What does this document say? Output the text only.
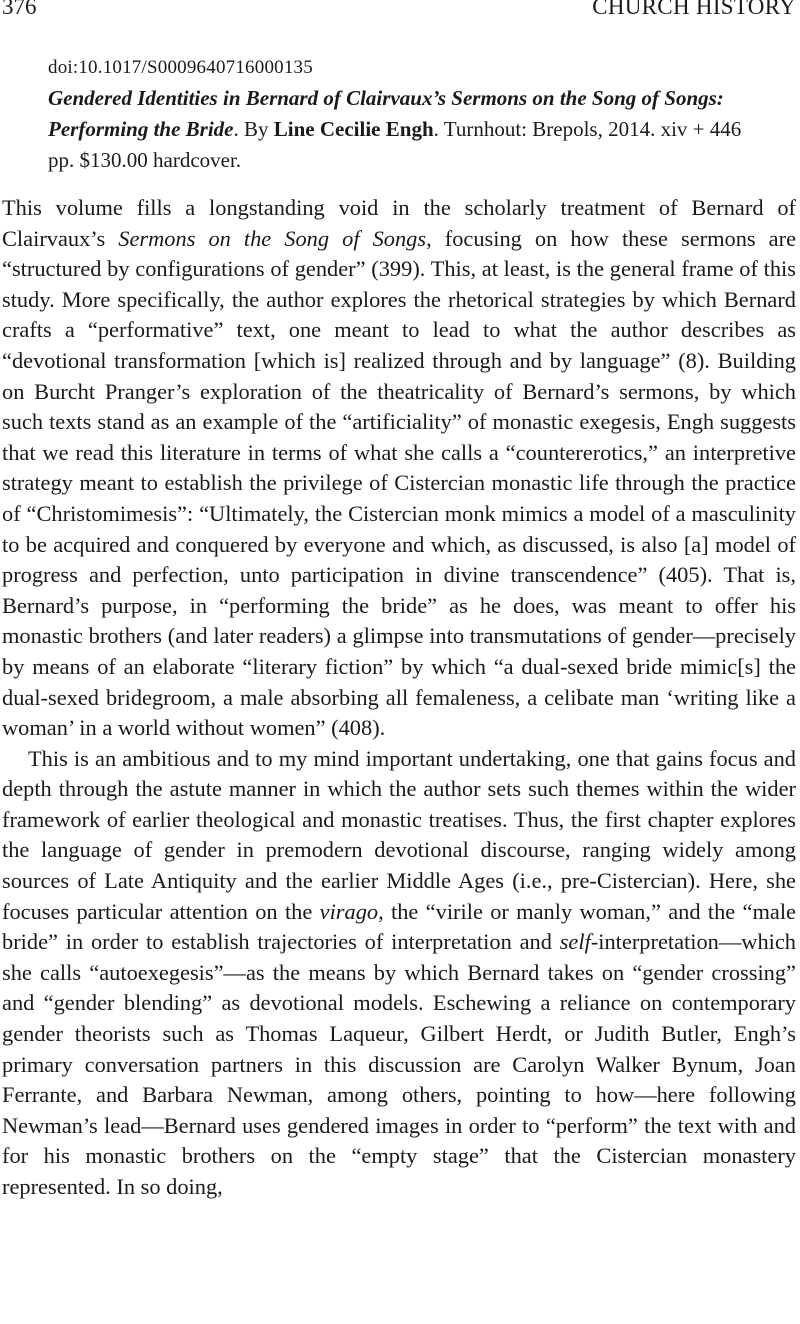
376	CHURCH HISTORY
doi:10.1017/S0009640716000135

Gendered Identities in Bernard of Clairvaux’s Sermons on the Song of Songs: Performing the Bride. By Line Cecilie Engh. Turnhout: Brepols, 2014. xiv + 446 pp. $130.00 hardcover.

This volume fills a longstanding void in the scholarly treatment of Bernard of Clairvaux’s Sermons on the Song of Songs, focusing on how these sermons are “structured by configurations of gender” (399). This, at least, is the general frame of this study. More specifically, the author explores the rhetorical strategies by which Bernard crafts a “performative” text, one meant to lead to what the author describes as “devotional transformation [which is] realized through and by language” (8). Building on Burcht Pranger’s exploration of the theatricality of Bernard’s sermons, by which such texts stand as an example of the “artificiality” of monastic exegesis, Engh suggests that we read this literature in terms of what she calls a “countererotics,” an interpretive strategy meant to establish the privilege of Cistercian monastic life through the practice of “Christomimesis”: “Ultimately, the Cistercian monk mimics a model of a masculinity to be acquired and conquered by everyone and which, as discussed, is also [a] model of progress and perfection, unto participation in divine transcendence” (405). That is, Bernard’s purpose, in “performing the bride” as he does, was meant to offer his monastic brothers (and later readers) a glimpse into transmutations of gender—precisely by means of an elaborate “literary fiction” by which “a dual-sexed bride mimic[s] the dual-sexed bridegroom, a male absorbing all femaleness, a celibate man ‘writing like a woman’ in a world without women” (408).

This is an ambitious and to my mind important undertaking, one that gains focus and depth through the astute manner in which the author sets such themes within the wider framework of earlier theological and monastic treatises. Thus, the first chapter explores the language of gender in premodern devotional discourse, ranging widely among sources of Late Antiquity and the earlier Middle Ages (i.e., pre-Cistercian). Here, she focuses particular attention on the virago, the “virile or manly woman,” and the “male bride” in order to establish trajectories of interpretation and self-interpretation—which she calls “autoexegesis”—as the means by which Bernard takes on “gender crossing” and “gender blending” as devotional models. Eschewing a reliance on contemporary gender theorists such as Thomas Laqueur, Gilbert Herdt, or Judith Butler, Engh’s primary conversation partners in this discussion are Carolyn Walker Bynum, Joan Ferrante, and Barbara Newman, among others, pointing to how—here following Newman’s lead—Bernard uses gendered images in order to “perform” the text with and for his monastic brothers on the “empty stage” that the Cistercian monastery represented. In so doing,
